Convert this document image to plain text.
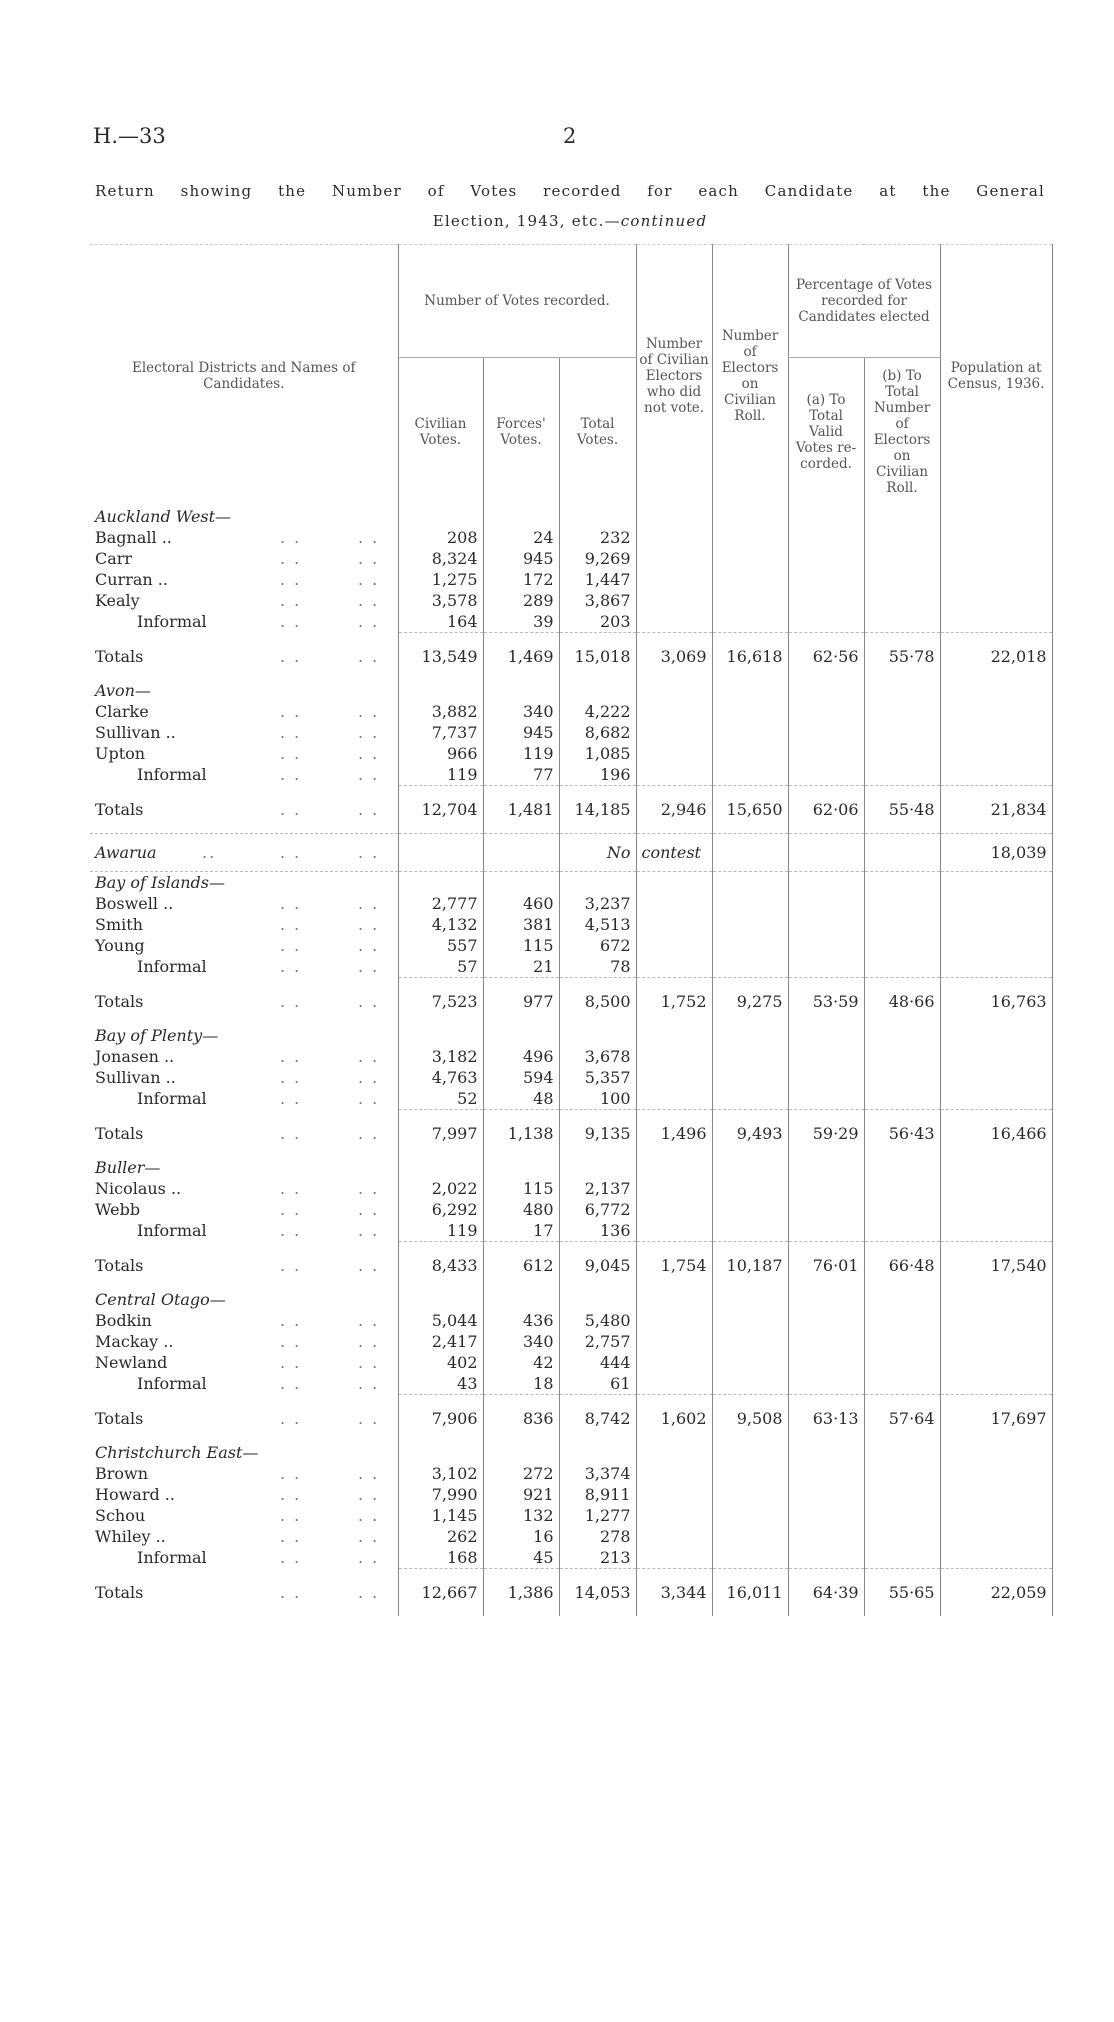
H.—33	2
Return showing the Number of Votes recorded for each Candidate at the General
Election, 1943, etc.—continued
Electoral Districts and Names of Candidates.	Number of Votes recorded.			Number of Civilian Electors who did not vote.	Number of Electors on Civilian Roll.	Percentage of Votes recorded for Candidates elected		Population at Census, 1936.
	Civilian Votes.	Forces' Votes.	Total Votes.			(a) To Total Valid Votes re-corded.	(b) To Total Number of Electors on Civilian Roll.	

Auckland West—								
Bagnall .. . . . .	208	24	232					
Carr . . . .	8,324	945	9,269					
Curran .. . . . .	1,275	172	1,447					
Kealy . . . .	3,578	289	3,867					
Informal . . . .	164	39	203					
Totals . . . .	13,549	1,469	15,018	3,069	16,618	62·56	55·78	22,018
Avon—								
Clarke . . . .	3,882	340	4,222					
Sullivan .. . . . .	7,737	945	8,682					
Upton . . . .	966	119	1,085					
Informal . . . .	119	77	196					
Totals . . . .	12,704	1,481	14,185	2,946	15,650	62·06	55·48	21,834
Awarua .. . . . .			No	contest				18,039
Bay of Islands—								
Boswell .. . . . .	2,777	460	3,237					
Smith . . . .	4,132	381	4,513					
Young . . . .	557	115	672					
Informal . . . .	57	21	78					
Totals . . . .	7,523	977	8,500	1,752	9,275	53·59	48·66	16,763
Bay of Plenty—								
Jonasen .. . . . .	3,182	496	3,678					
Sullivan .. . . . .	4,763	594	5,357					
Informal . . . .	52	48	100					
Totals . . . .	7,997	1,138	9,135	1,496	9,493	59·29	56·43	16,466
Buller—								
Nicolaus .. . . . .	2,022	115	2,137					
Webb . . . .	6,292	480	6,772					
Informal . . . .	119	17	136					
Totals . . . .	8,433	612	9,045	1,754	10,187	76·01	66·48	17,540
Central Otago—								
Bodkin . . . .	5,044	436	5,480					
Mackay .. . . . .	2,417	340	2,757					
Newland . . . .	402	42	444					
Informal . . . .	43	18	61					
Totals . . . .	7,906	836	8,742	1,602	9,508	63·13	57·64	17,697
Christchurch East—								
Brown . . . .	3,102	272	3,374					
Howard .. . . . .	7,990	921	8,911					
Schou . . . .	1,145	132	1,277					
Whiley .. . . . .	262	16	278					
Informal . . . .	168	45	213					
Totals . . . .	12,667	1,386	14,053	3,344	16,011	64·39	55·65	22,059
